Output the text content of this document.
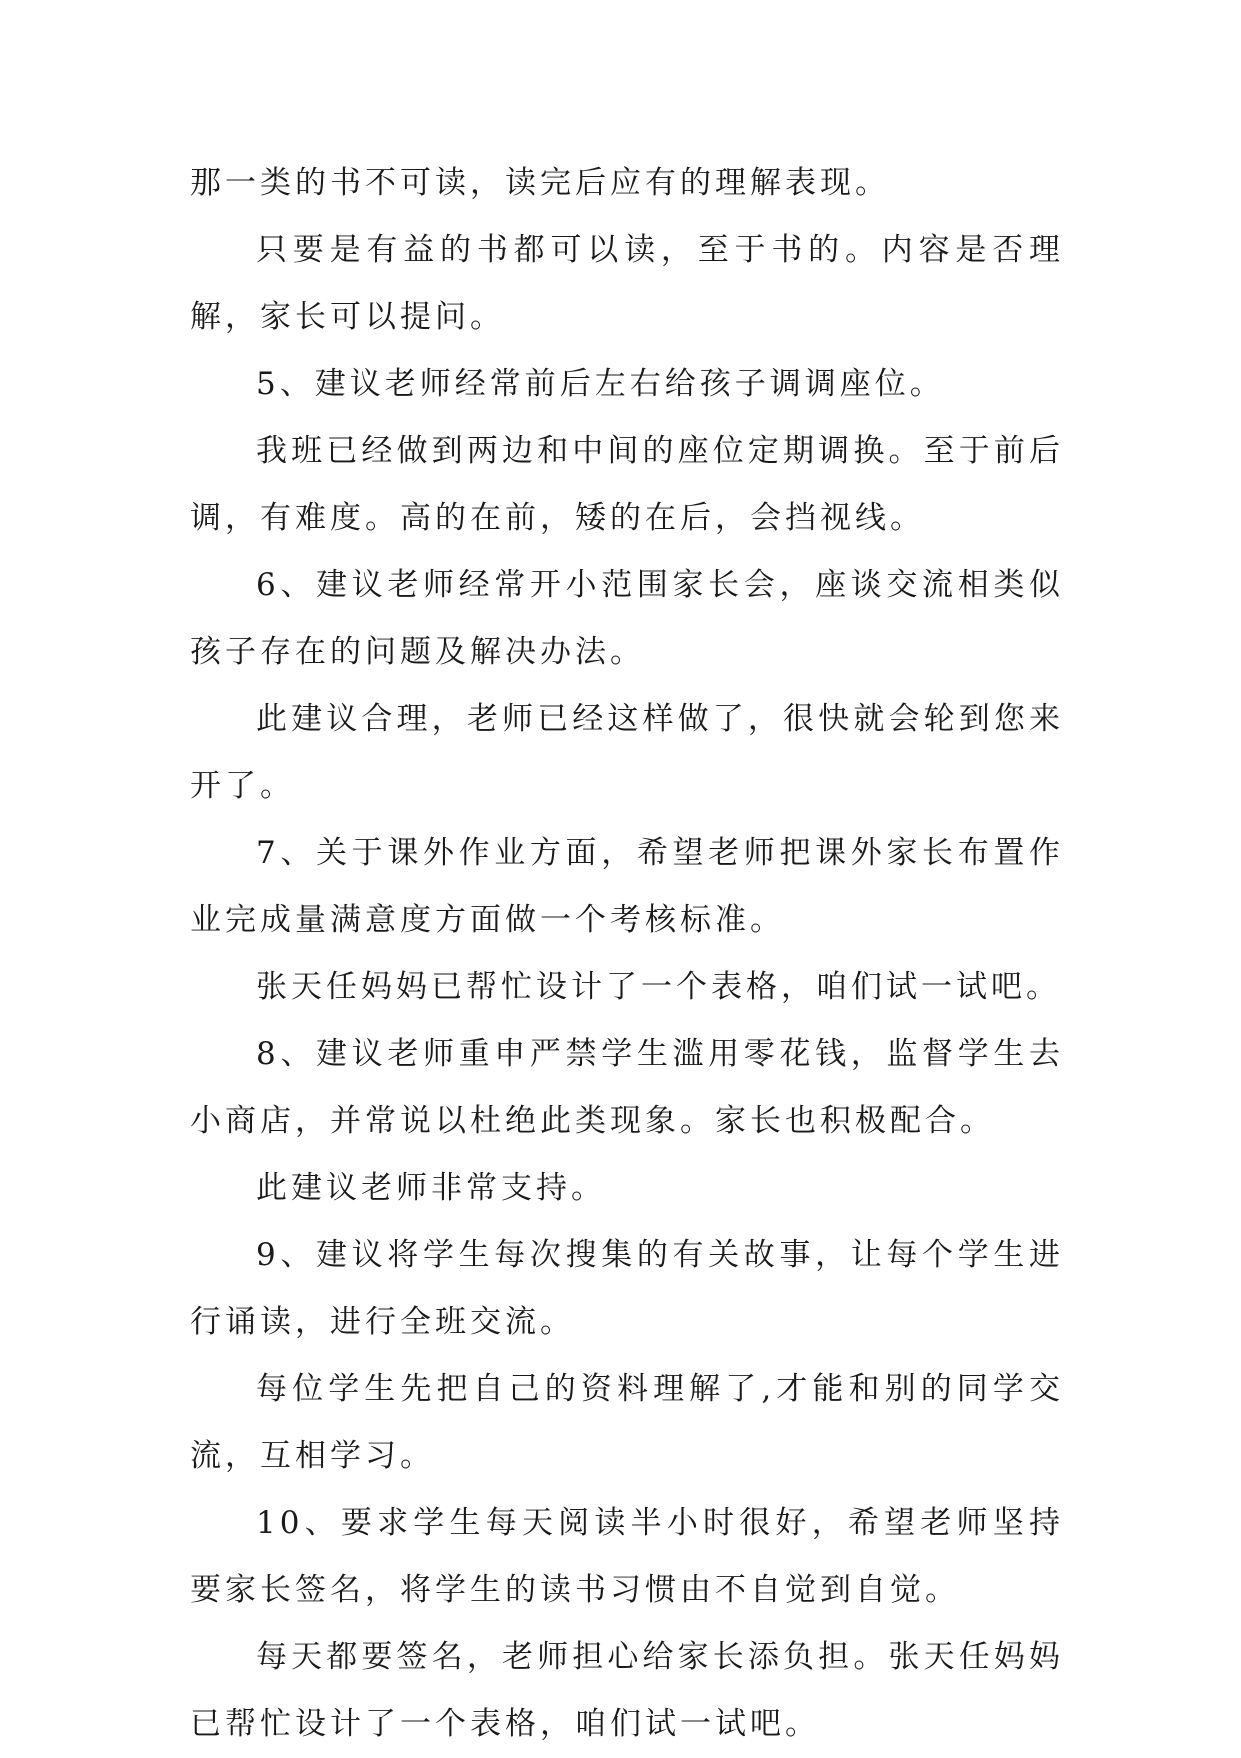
那一类的书不可读，读完后应有的理解表现。

只要是有益的书都可以读，至于书的。内容是否理解，家长可以提问。

5、建议老师经常前后左右给孩子调调座位。

我班已经做到两边和中间的座位定期调换。至于前后调，有难度。高的在前，矮的在后，会挡视线。

6、建议老师经常开小范围家长会，座谈交流相类似孩子存在的问题及解决办法。

此建议合理，老师已经这样做了，很快就会轮到您来开了。

7、关于课外作业方面，希望老师把课外家长布置作业完成量满意度方面做一个考核标准。

张天任妈妈已帮忙设计了一个表格，咱们试一试吧。

8、建议老师重申严禁学生滥用零花钱，监督学生去小商店，并常说以杜绝此类现象。家长也积极配合。

此建议老师非常支持。

9、建议将学生每次搜集的有关故事，让每个学生进行诵读，进行全班交流。

每位学生先把自己的资料理解了,才能和别的同学交流，互相学习。

10、要求学生每天阅读半小时很好，希望老师坚持要家长签名，将学生的读书习惯由不自觉到自觉。

每天都要签名，老师担心给家长添负担。张天任妈妈已帮忙设计了一个表格，咱们试一试吧。
